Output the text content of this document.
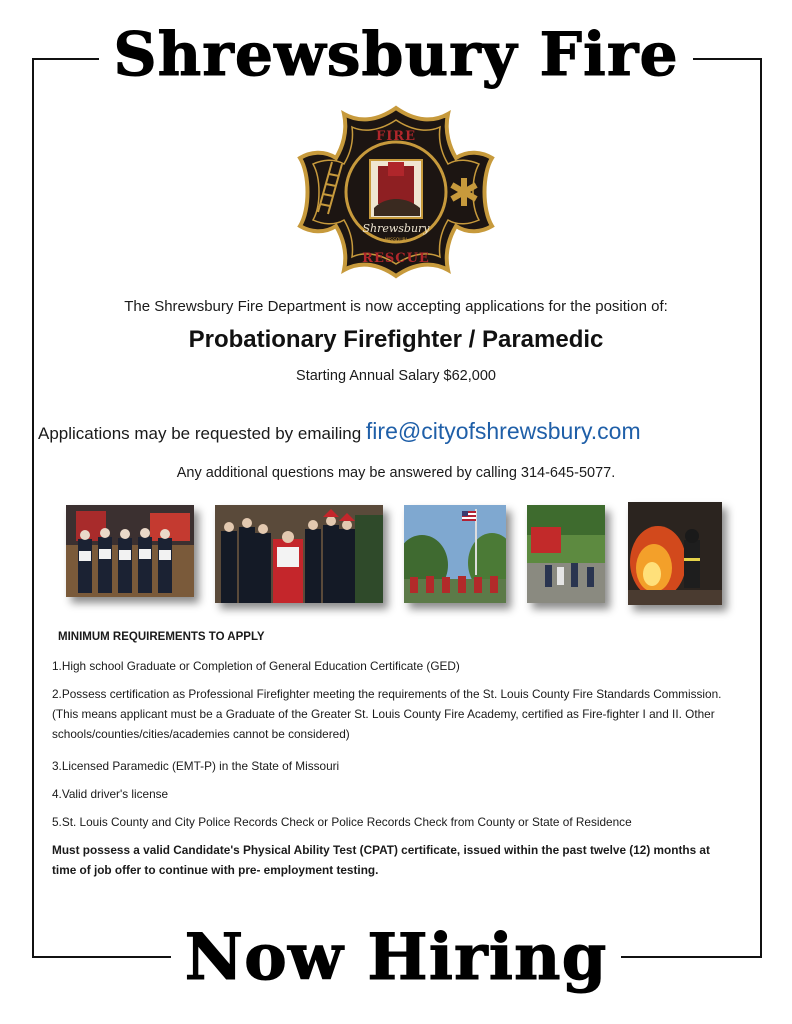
Shrewsbury Fire
Shrewsbury
MISSOURI
FIRE
RESCUE
The Shrewsbury Fire Department is now accepting applications for the position of:
Probationary Firefighter / Paramedic
Starting Annual Salary $62,000
Applications may be requested by emailing fire@cityofshrewsbury.com
Any additional questions may be answered by calling 314-645-5077.
MINIMUM REQUIREMENTS TO APPLY
1.High school Graduate or Completion of General Education Certificate (GED)
2.Possess certification as Professional Firefighter meeting the requirements of the St. Louis County Fire Standards Commission. (This means applicant must be a Graduate of the Greater St. Louis County Fire Academy, certified as Fire-fighter I and II. Other schools/counties/cities/academies cannot be considered)
3.Licensed Paramedic (EMT-P) in the State of Missouri
4.Valid driver's license
5.St. Louis County and City Police Records Check or Police Records Check from County or State of Residence
Must possess a valid Candidate's Physical Ability Test (CPAT) certificate, issued within the past twelve (12) months at time of job offer to continue with pre- employment testing.
Now Hiring
